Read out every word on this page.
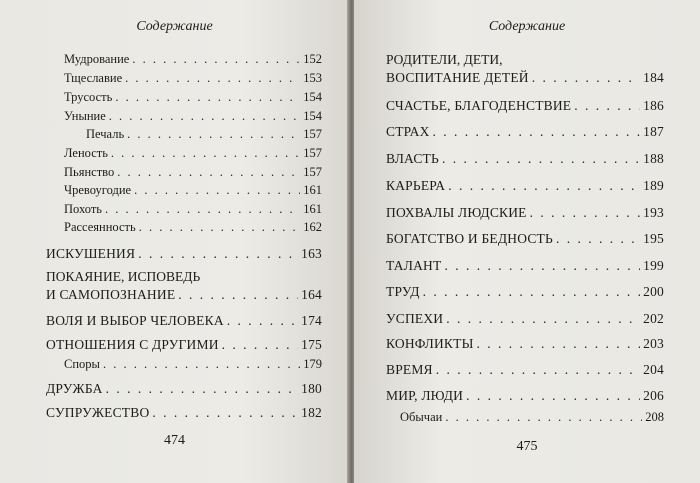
Содержание
Мудрование . . .	152
Тщеславие . . .	153
Трусость . . .	154
Уныние . . .	154
Печаль . . .	157
Леность . . .	157
Пьянство . . .	157
Чревоугодие . . .	161
Похоть . . .	161
Рассеянность . . .	162
ИСКУШЕНИЯ . . .	163
ПОКАЯНИЕ, ИСПОВЕДЬ
И САМОПОЗНАНИЕ . . .	164
ВОЛЯ И ВЫБОР ЧЕЛОВЕКА . . .	174
ОТНОШЕНИЯ С ДРУГИМИ . . .	175
Споры . . .	179
ДРУЖБА . . .	180
СУПРУЖЕСТВО . . .	182
474
Содержание
РОДИТЕЛИ, ДЕТИ,
ВОСПИТАНИЕ ДЕТЕЙ . . .	184
СЧАСТЬЕ, БЛАГОДЕНСТВИЕ . . .	186
СТРАХ . . .	187
ВЛАСТЬ . . .	188
КАРЬЕРА . . .	189
ПОХВАЛЫ ЛЮДСКИЕ . . .	193
БОГАТСТВО И БЕДНОСТЬ . . .	195
ТАЛАНТ . . .	199
ТРУД . . .	200
УСПЕХИ . . .	202
КОНФЛИКТЫ . . .	203
ВРЕМЯ . . .	204
МИР, ЛЮДИ . . .	206
Обычаи . . .	208
475
